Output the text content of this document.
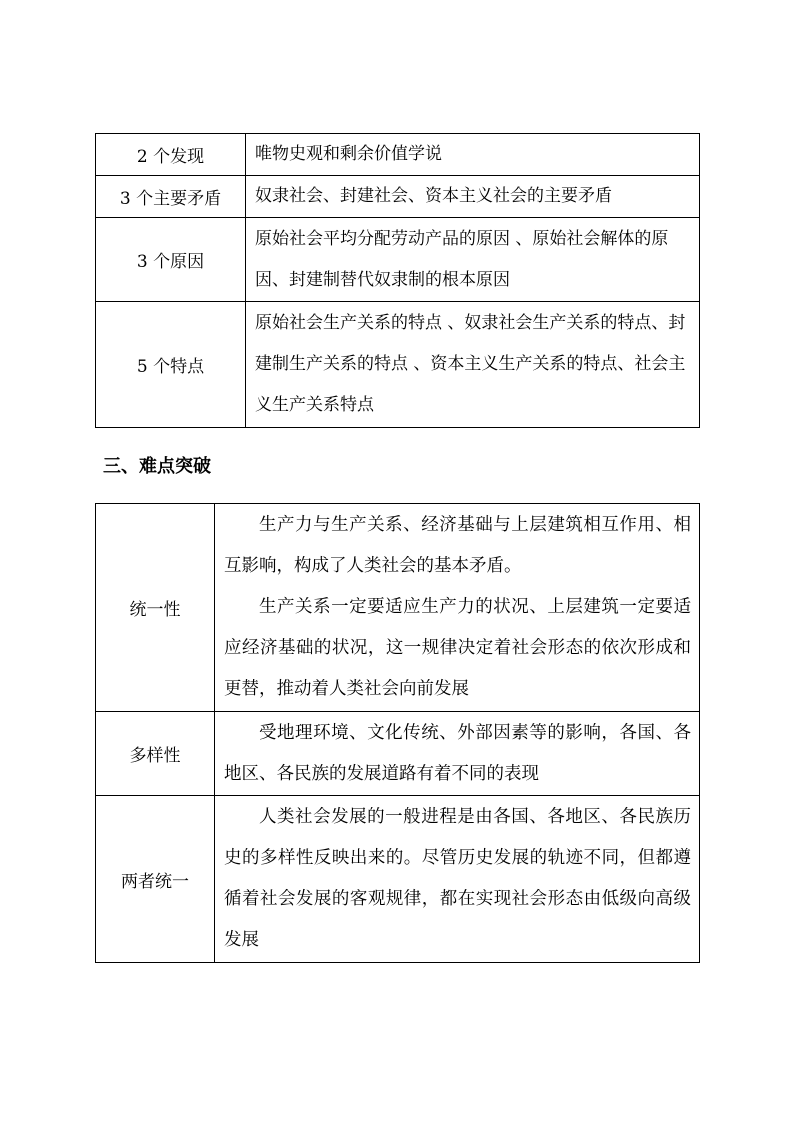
2 个发现	唯物史观和剩余价值学说
3 个主要矛盾	奴隶社会、封建社会、资本主义社会的主要矛盾
3 个原因	原始社会平均分配劳动产品的原因 、原始社会解体的原因、封建制替代奴隶制的根本原因
5 个特点	原始社会生产关系的特点 、奴隶社会生产关系的特点、封建制生产关系的特点 、资本主义生产关系的特点、社会主义生产关系特点
三、难点突破
统一性	生产力与生产关系、经济基础与上层建筑相互作用、相互影响，构成了人类社会的基本矛盾。

生产关系一定要适应生产力的状况、上层建筑一定要适应经济基础的状况，这一规律决定着社会形态的依次形成和更替，推动着人类社会向前发展

多样性	受地理环境、文化传统、外部因素等的影响，各国、各地区、各民族的发展道路有着不同的表现

两者统一	人类社会发展的一般进程是由各国、各地区、各民族历史的多样性反映出来的。尽管历史发展的轨迹不同，但都遵循着社会发展的客观规律，都在实现社会形态由低级向高级发展
